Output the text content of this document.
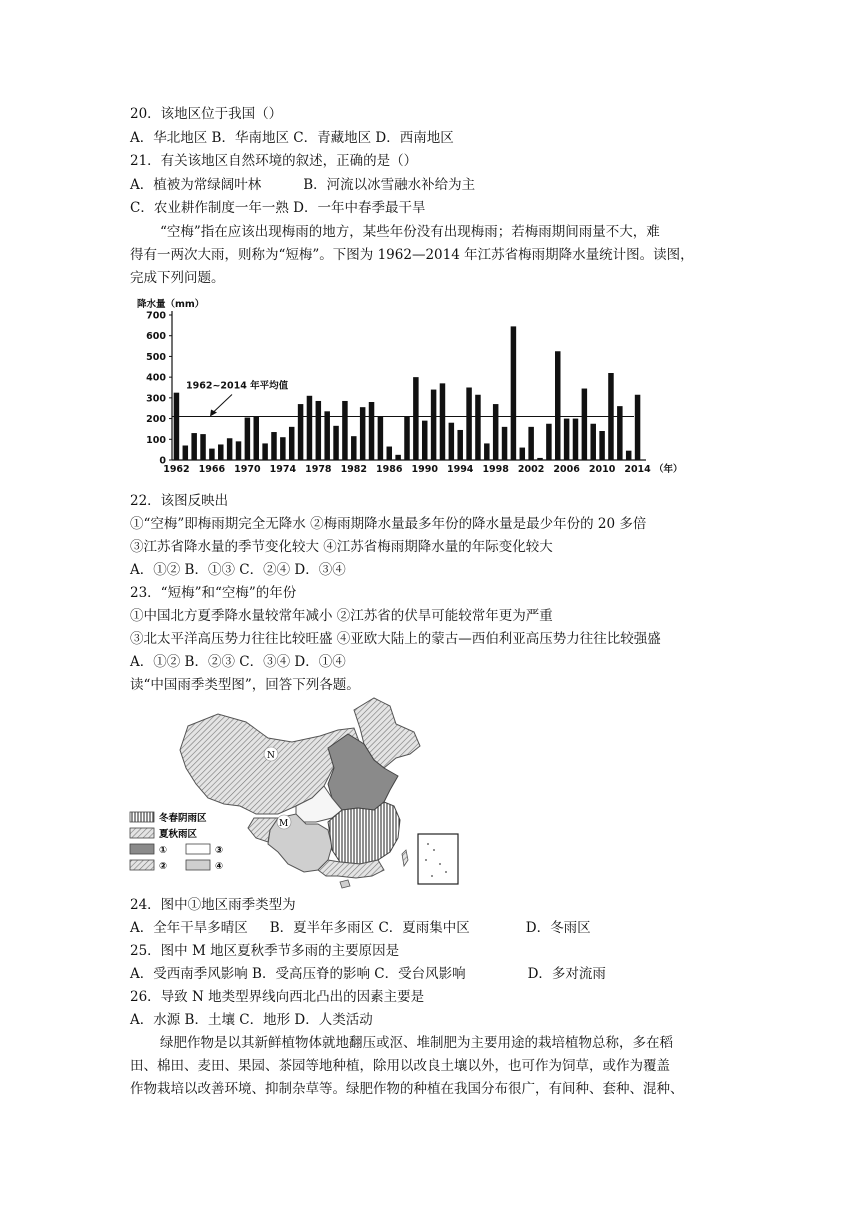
20．该地区位于我国（）
A．华北地区 B．华南地区 C．青藏地区 D．西南地区
21．有关该地区自然环境的叙述，正确的是（）
A．植被为常绿阔叶林	B．河流以冰雪融水补给为主
C．农业耕作制度一年一熟 D．一年中春季最干旱
“空梅”指在应该出现梅雨的地方，某些年份没有出现梅雨；若梅雨期间雨量不大，难
得有一两次大雨，则称为“短梅”。下图为 1962—2014 年江苏省梅雨期降水量统计图。读图，
完成下列问题。
降水量（mm）
0
100
200
300
400
500
600
700
1962 1966 1970 1974 1978 1982 1986 1990 1994 1998 2002 2006 2010 2014
1962~2014 年平均值
（年）
22．该图反映出
①“空梅”即梅雨期完全无降水 ②梅雨期降水量最多年份的降水量是最少年份的 20 多倍
③江苏省降水量的季节变化较大 ④江苏省梅雨期降水量的年际变化较大
A．①② B．①③ C．②④ D．③④
23．“短梅”和“空梅”的年份
①中国北方夏季降水量较常年减小 ②江苏省的伏旱可能较常年更为严重
③北太平洋高压势力往往比较旺盛 ④亚欧大陆上的蒙古—西伯利亚高压势力往往比较强盛
A．①② B．②③ C．③④ D．①④
读“中国雨季类型图”，回答下列各题。
N
M
冬春阴雨区
夏秋雨区
①	③
②	④
24．图中①地区雨季类型为
A．全年干旱多晴区 B．夏半年多雨区 C．夏雨集中区	D．冬雨区
25．图中 M 地区夏秋季节多雨的主要原因是
A．受西南季风影响 B．受高压脊的影响 C．受台风影响	D．多对流雨
26．导致 N 地类型界线向西北凸出的因素主要是
A．水源 B．土壤 C．地形 D．人类活动
绿肥作物是以其新鲜植物体就地翻压或沤、堆制肥为主要用途的栽培植物总称，多在稻
田、棉田、麦田、果园、茶园等地种植，除用以改良土壤以外，也可作为饲草，或作为覆盖
作物栽培以改善环境、抑制杂草等。绿肥作物的种植在我国分布很广，有间种、套种、混种、
